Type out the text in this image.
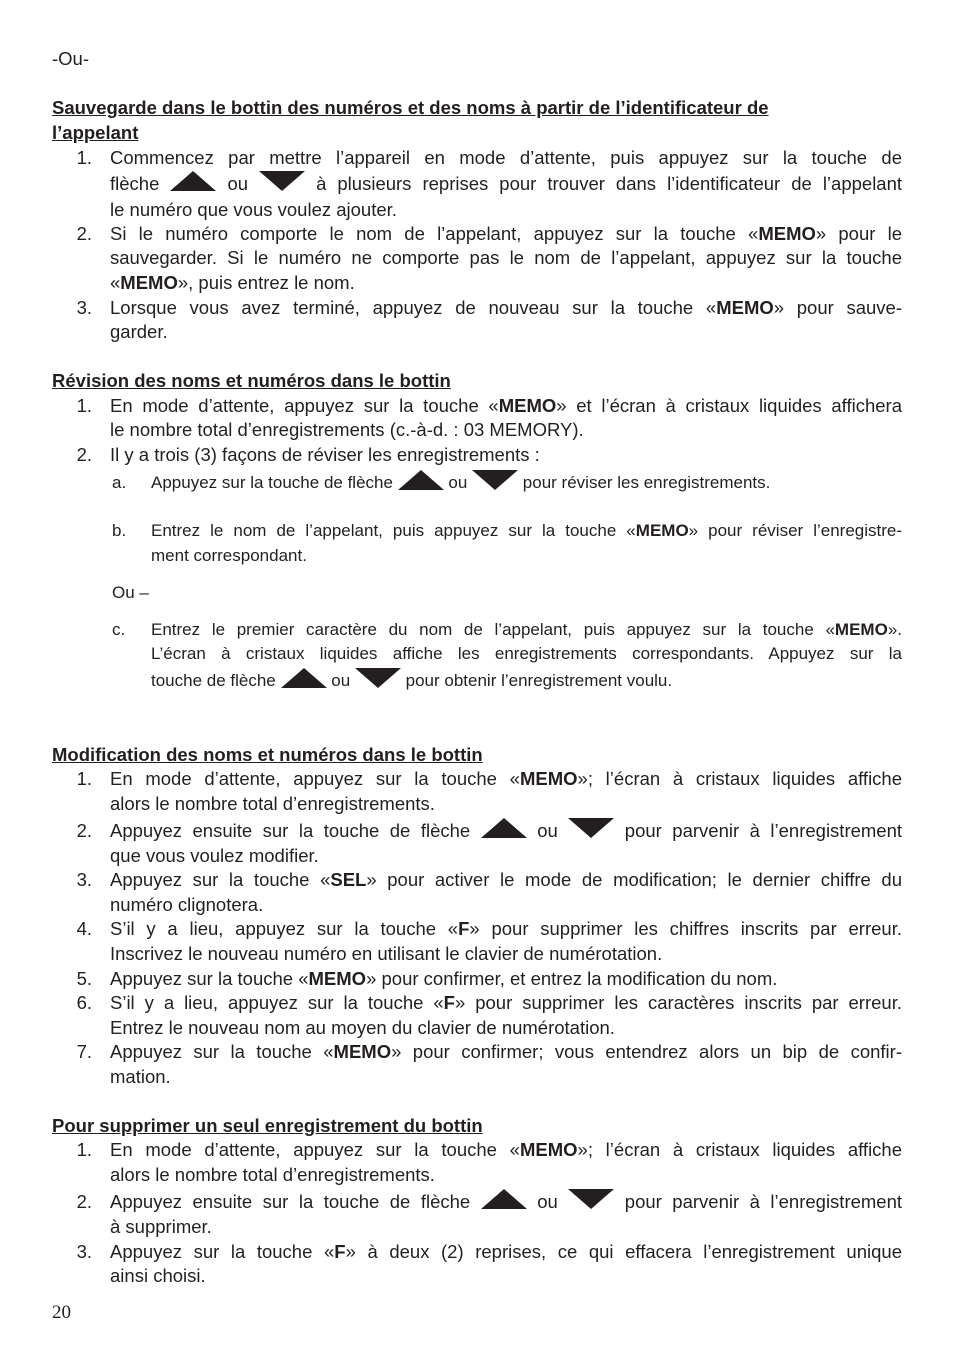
-Ou-
Sauvegarde dans le bottin des numéros et des noms à partir de l’identificateur de
l’appelant
1. Commencez par mettre l’appareil en mode d’attente, puis appuyez sur la touche de
flèche	ou	à plusieurs reprises pour trouver dans l’identificateur de l’appelant
le numéro que vous voulez ajouter.
2. Si le numéro comporte le nom de l’appelant, appuyez sur la touche «MEMO» pour le
sauvegarder. Si le numéro ne comporte pas le nom de l’appelant, appuyez sur la touche
«MEMO», puis entrez le nom.
3. Lorsque vous avez terminé, appuyez de nouveau sur la touche «MEMO» pour sauve-
garder.
Révision des noms et numéros dans le bottin
1. En mode d’attente, appuyez sur la touche «MEMO» et l’écran à cristaux liquides affichera
le nombre total d’enregistrements (c.-à-d. : 03 MEMORY).
2. Il y a trois (3) façons de réviser les enregistrements :
a. Appuyez sur la touche de flèche	ou	pour réviser les enregistrements.
b. Entrez le nom de l’appelant, puis appuyez sur la touche «MEMO» pour réviser l’enregistre-
ment correspondant.
Ou –
c. Entrez le premier caractère du nom de l’appelant, puis appuyez sur la touche «MEMO».
L’écran à cristaux liquides affiche les enregistrements correspondants. Appuyez sur la
touche de flèche	ou	pour obtenir l’enregistrement voulu.
Modification des noms et numéros dans le bottin
1. En mode d’attente, appuyez sur la touche «MEMO»; l’écran à cristaux liquides affiche
alors le nombre total d’enregistrements.
2. Appuyez ensuite sur la touche de flèche	ou	pour parvenir à l’enregistrement
que vous voulez modifier.
3. Appuyez sur la touche «SEL» pour activer le mode de modification; le dernier chiffre du
numéro clignotera.
4. S’il y a lieu, appuyez sur la touche «F» pour supprimer les chiffres inscrits par erreur.
Inscrivez le nouveau numéro en utilisant le clavier de numérotation.
5. Appuyez sur la touche «MEMO» pour confirmer, et entrez la modification du nom.
6. S’il y a lieu, appuyez sur la touche «F» pour supprimer les caractères inscrits par erreur.
Entrez le nouveau nom au moyen du clavier de numérotation.
7. Appuyez sur la touche «MEMO» pour confirmer; vous entendrez alors un bip de confir-
mation.
Pour supprimer un seul enregistrement du bottin
1. En mode d’attente, appuyez sur la touche «MEMO»; l’écran à cristaux liquides affiche
alors le nombre total d’enregistrements.
2. Appuyez ensuite sur la touche de flèche	ou	pour parvenir à l’enregistrement
à supprimer.
3. Appuyez sur la touche «F» à deux (2) reprises, ce qui effacera l’enregistrement unique
ainsi choisi.
20
